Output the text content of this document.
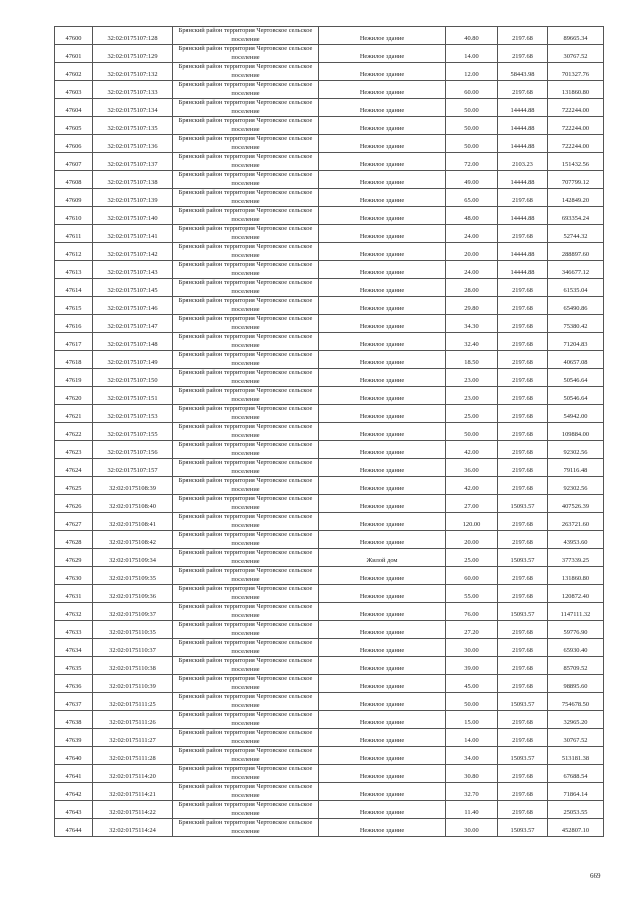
47600	32:02:0175107:128	Брянский район территория Чертовское сельское поселение	Нежилое здание	40.80	2197.68	89665.34
47601	32:02:0175107:129	Брянский район территория Чертовское сельское поселение	Нежилое здание	14.00	2197.68	30767.52
47602	32:02:0175107:132	Брянский район территория Чертовское сельское поселение	Нежилое здание	12.00	58443.98	701327.76
47603	32:02:0175107:133	Брянский район территория Чертовское сельское поселение	Нежилое здание	60.00	2197.68	131860.80
47604	32:02:0175107:134	Брянский район территория Чертовское сельское поселение	Нежилое здание	50.00	14444.88	722244.00
47605	32:02:0175107:135	Брянский район территория Чертовское сельское поселение	Нежилое здание	50.00	14444.88	722244.00
47606	32:02:0175107:136	Брянский район территория Чертовское сельское поселение	Нежилое здание	50.00	14444.88	722244.00
47607	32:02:0175107:137	Брянский район территория Чертовское сельское поселение	Нежилое здание	72.00	2103.23	151432.56
47608	32:02:0175107:138	Брянский район территория Чертовское сельское поселение	Нежилое здание	49.00	14444.88	707799.12
47609	32:02:0175107:139	Брянский район территория Чертовское сельское поселение	Нежилое здание	65.00	2197.68	142849.20
47610	32:02:0175107:140	Брянский район территория Чертовское сельское поселение	Нежилое здание	48.00	14444.88	693354.24
47611	32:02:0175107:141	Брянский район территория Чертовское сельское поселение	Нежилое здание	24.00	2197.68	52744.32
47612	32:02:0175107:142	Брянский район территория Чертовское сельское поселение	Нежилое здание	20.00	14444.88	288897.60
47613	32:02:0175107:143	Брянский район территория Чертовское сельское поселение	Нежилое здание	24.00	14444.88	346677.12
47614	32:02:0175107:145	Брянский район территория Чертовское сельское поселение	Нежилое здание	28.00	2197.68	61535.04
47615	32:02:0175107:146	Брянский район территория Чертовское сельское поселение	Нежилое здание	29.80	2197.68	65490.86
47616	32:02:0175107:147	Брянский район территория Чертовское сельское поселение	Нежилое здание	34.30	2197.68	75380.42
47617	32:02:0175107:148	Брянский район территория Чертовское сельское поселение	Нежилое здание	32.40	2197.68	71204.83
47618	32:02:0175107:149	Брянский район территория Чертовское сельское поселение	Нежилое здание	18.50	2197.68	40657.08
47619	32:02:0175107:150	Брянский район территория Чертовское сельское поселение	Нежилое здание	23.00	2197.68	50546.64
47620	32:02:0175107:151	Брянский район территория Чертовское сельское поселение	Нежилое здание	23.00	2197.68	50546.64
47621	32:02:0175107:153	Брянский район территория Чертовское сельское поселение	Нежилое здание	25.00	2197.68	54942.00
47622	32:02:0175107:155	Брянский район территория Чертовское сельское поселение	Нежилое здание	50.00	2197.68	109884.00
47623	32:02:0175107:156	Брянский район территория Чертовское сельское поселение	Нежилое здание	42.00	2197.68	92302.56
47624	32:02:0175107:157	Брянский район территория Чертовское сельское поселение	Нежилое здание	36.00	2197.68	79116.48
47625	32:02:0175108:39	Брянский район территория Чертовское сельское поселение	Нежилое здание	42.00	2197.68	92302.56
47626	32:02:0175108:40	Брянский район территория Чертовское сельское поселение	Нежилое здание	27.00	15093.57	407526.39
47627	32:02:0175108:41	Брянский район территория Чертовское сельское поселение	Нежилое здание	120.00	2197.68	263721.60
47628	32:02:0175108:42	Брянский район территория Чертовское сельское поселение	Нежилое здание	20.00	2197.68	43953.60
47629	32:02:0175109:34	Брянский район территория Чертовское сельское поселение	Жилой дом	25.00	15093.57	377339.25
47630	32:02:0175109:35	Брянский район территория Чертовское сельское поселение	Нежилое здание	60.00	2197.68	131860.80
47631	32:02:0175109:36	Брянский район территория Чертовское сельское поселение	Нежилое здание	55.00	2197.68	120872.40
47632	32:02:0175109:37	Брянский район территория Чертовское сельское поселение	Нежилое здание	76.00	15093.57	1147111.32
47633	32:02:0175110:35	Брянский район территория Чертовское сельское поселение	Нежилое здание	27.20	2197.68	59776.90
47634	32:02:0175110:37	Брянский район территория Чертовское сельское поселение	Нежилое здание	30.00	2197.68	65930.40
47635	32:02:0175110:38	Брянский район территория Чертовское сельское поселение	Нежилое здание	39.00	2197.68	85709.52
47636	32:02:0175110:39	Брянский район территория Чертовское сельское поселение	Нежилое здание	45.00	2197.68	98895.60
47637	32:02:0175111:25	Брянский район территория Чертовское сельское поселение	Нежилое здание	50.00	15093.57	754678.50
47638	32:02:0175111:26	Брянский район территория Чертовское сельское поселение	Нежилое здание	15.00	2197.68	32965.20
47639	32:02:0175111:27	Брянский район территория Чертовское сельское поселение	Нежилое здание	14.00	2197.68	30767.52
47640	32:02:0175111:28	Брянский район территория Чертовское сельское поселение	Нежилое здание	34.00	15093.57	513181.38
47641	32:02:0175114:20	Брянский район территория Чертовское сельское поселение	Нежилое здание	30.80	2197.68	67688.54
47642	32:02:0175114:21	Брянский район территория Чертовское сельское поселение	Нежилое здание	32.70	2197.68	71864.14
47643	32:02:0175114:22	Брянский район территория Чертовское сельское поселение	Нежилое здание	11.40	2197.68	25053.55
47644	32:02:0175114:24	Брянский район территория Чертовское сельское поселение	Нежилое здание	30.00	15093.57	452807.10
669
